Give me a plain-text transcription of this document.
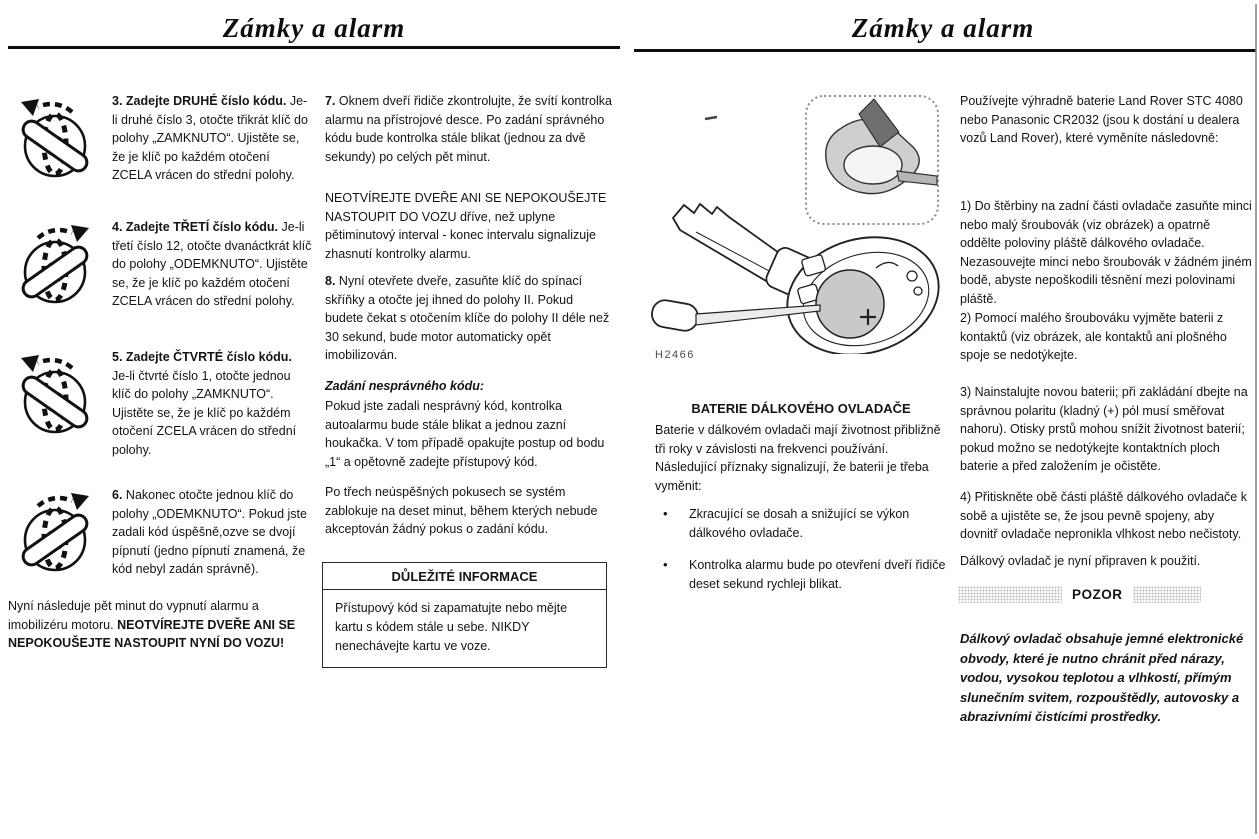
Zámky a alarm
3. Zadejte DRUHÉ číslo kódu. Je-li druhé číslo 3, otočte třikrát klíč do polohy „ZAMKNUTO“. Ujistěte se, že je klíč po každém otočení ZCELA vrácen do střední polohy.
4. Zadejte TŘETÍ číslo kódu. Je-li třetí číslo 12, otočte dvanáctkrát klíč do polohy „ODEMKNUTO“. Ujistěte se, že je klíč po každém otočení ZCELA vrácen do střední polohy.
5. Zadejte ČTVRTÉ číslo kódu. Je-li čtvrté číslo 1, otočte jednou klíč do polohy „ZAMKNUTO“. Ujistěte se, že je klíč po každém otočení ZCELA vrácen do střední polohy.
6. Nakonec otočte jednou klíč do polohy „ODEMKNUTO“. Pokud jste zadali kód úspěšně,ozve se dvojí pípnutí (jedno pípnutí znamená, že kód nebyl zadán správně).
Nyní následuje pět minut do vypnutí alarmu a imobilizéru motoru. NEOTVÍREJTE DVEŘE ANI SE NEPOKOUŠEJTE NASTOUPIT NYNÍ DO VOZU!
7. Oknem dveří řidiče zkontrolujte, že svítí kontrolka alarmu na přístrojové desce. Po zadání správného kódu bude kontrolka stále blikat (jednou za dvě sekundy) po celých pět minut.
NEOTVÍREJTE DVEŘE ANI SE NEPOKOUŠEJTE NASTOUPIT DO VOZU dříve, než uplyne pětiminutový interval - konec intervalu signalizuje zhasnutí kontrolky alarmu.
8. Nyní otevřete dveře, zasuňte klíč do spínací skříňky a otočte jej ihned do polohy II. Pokud budete čekat s otočením klíče do polohy II déle než 30 sekund, bude motor automaticky opět imobilizován.
Zadání nesprávného kódu:
Pokud jste zadali nesprávný kód, kontrolka autoalarmu bude stále blikat a jednou zazní houkačka. V tom případě opakujte postup od bodu „1“ a opětovně zadejte přístupový kód.
Po třech neúspěšných pokusech se systém zablokuje na deset minut, během kterých nebude akceptován žádný pokus o zadání kódu.
DŮLEŽITÉ INFORMACE
Přístupový kód si zapamatujte nebo mějte kartu s kódem stále u sebe. NIKDY nenechávejte kartu ve voze.
Zámky a alarm
H2466
BATERIE DÁLKOVÉHO OVLADAČE
Baterie v dálkovém ovladači mají životnost přibližně tři roky v závislosti na frekvenci používání. Následující příznaky signalizují, že baterii je třeba vyměnit:
•	Zkracující se dosah a snižující se výkon dálkového ovladače.
•	Kontrolka alarmu bude po otevření dveří řidiče deset sekund rychleji blikat.
Používejte výhradně baterie Land Rover STC 4080 nebo Panasonic CR2032 (jsou k dostání u dealera vozů Land Rover), které vyměníte následovně:
1) Do štěrbiny na zadní části ovladače zasuňte minci nebo malý šroubovák (viz obrázek) a opatrně oddělte poloviny pláště dálkového ovladače. Nezasouvejte minci nebo šroubovák v žádném jiném bodě, abyste nepoškodili těsnění mezi polovinami pláště.
2) Pomocí malého šroubováku vyjměte baterii z kontaktů (viz obrázek, ale kontaktů ani plošného spoje se nedotýkejte.
3) Nainstalujte novou baterii; při zakládání dbejte na správnou polaritu (kladný (+) pól musí směřovat nahoru). Otisky prstů mohou snížit životnost baterií; pokud možno se nedotýkejte kontaktních ploch baterie a před založením je očistěte.
4) Přitiskněte obě části pláště dálkového ovladače k sobě a ujistěte se, že jsou pevně spojeny, aby dovnitř ovladače nepronikla vlhkost nebo nečistoty.
Dálkový ovladač je nyní připraven k použití.
POZOR
Dálkový ovladač obsahuje jemné elektronické obvody, které je nutno chránit před nárazy, vodou, vysokou teplotou a vlhkostí, přímým slunečním svitem, rozpouštědly, autovosky a abrazivními čistícími prostředky.
